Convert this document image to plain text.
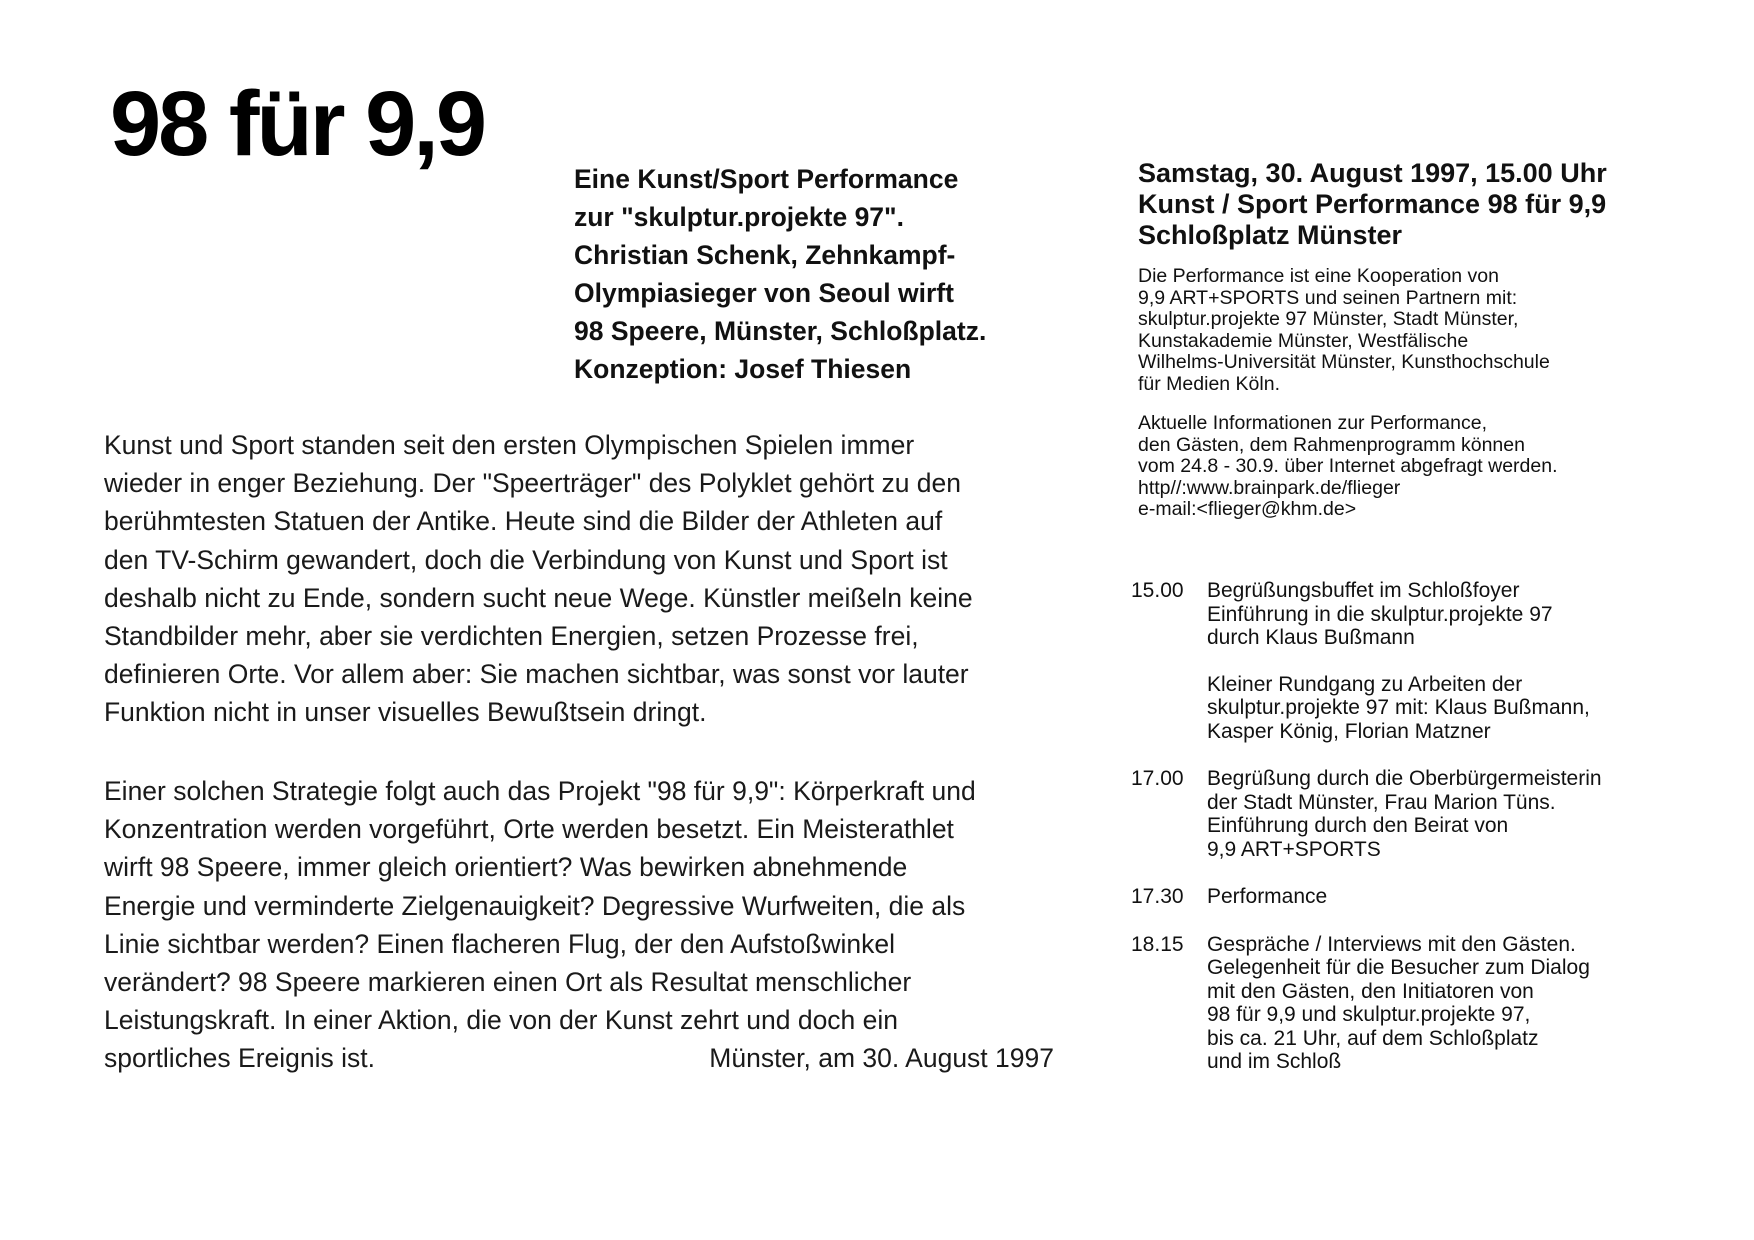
98 für 9,9
Eine Kunst/Sport Performance
zur "skulptur.projekte 97".
Christian Schenk, Zehnkampf-
Olympiasieger von Seoul wirft
98 Speere, Münster, Schloßplatz.
Konzeption: Josef Thiesen
Kunst und Sport standen seit den ersten Olympischen Spielen immer
wieder in enger Beziehung. Der "Speerträger" des Polyklet gehört zu den
berühmtesten Statuen der Antike. Heute sind die Bilder der Athleten auf
den TV-Schirm gewandert, doch die Verbindung von Kunst und Sport ist
deshalb nicht zu Ende, sondern sucht neue Wege. Künstler meißeln keine
Standbilder mehr, aber sie verdichten Energien, setzen Prozesse frei,
definieren Orte. Vor allem aber: Sie machen sichtbar, was sonst vor lauter
Funktion nicht in unser visuelles Bewußtsein dringt.
Einer solchen Strategie folgt auch das Projekt "98 für 9,9": Körperkraft und
Konzentration werden vorgeführt, Orte werden besetzt. Ein Meisterathlet
wirft 98 Speere, immer gleich orientiert? Was bewirken abnehmende
Energie und verminderte Zielgenauigkeit? Degressive Wurfweiten, die als
Linie sichtbar werden? Einen flacheren Flug, der den Aufstoßwinkel
verändert? 98 Speere markieren einen Ort als Resultat menschlicher
Leistungskraft. In einer Aktion, die von der Kunst zehrt und doch ein
sportliches Ereignis ist.	Münster, am 30. August 1997
Samstag, 30. August 1997, 15.00 Uhr
Kunst / Sport Performance 98 für 9,9
Schloßplatz Münster
Die Performance ist eine Kooperation von
9,9 ART+SPORTS und seinen Partnern mit:
skulptur.projekte 97 Münster, Stadt Münster,
Kunstakademie Münster, Westfälische
Wilhelms-Universität Münster, Kunsthochschule
für Medien Köln.
Aktuelle Informationen zur Performance,
den Gästen, dem Rahmenprogramm können
vom 24.8 - 30.9. über Internet abgefragt werden.
http//:www.brainpark.de/flieger
e-mail:<flieger@khm.de>
15.00	Begrüßungsbuffet im Schloßfoyer
Einführung in die skulptur.projekte 97
durch Klaus Bußmann
Kleiner Rundgang zu Arbeiten der
skulptur.projekte 97 mit: Klaus Bußmann,
Kasper König, Florian Matzner
17.00	Begrüßung durch die Oberbürgermeisterin
der Stadt Münster, Frau Marion Tüns.
Einführung durch den Beirat von
9,9 ART+SPORTS
17.30	Performance
18.15	Gespräche / Interviews mit den Gästen.
Gelegenheit für die Besucher zum Dialog
mit den Gästen, den Initiatoren von
98 für 9,9 und skulptur.projekte 97,
bis ca. 21 Uhr, auf dem Schloßplatz
und im Schloß
